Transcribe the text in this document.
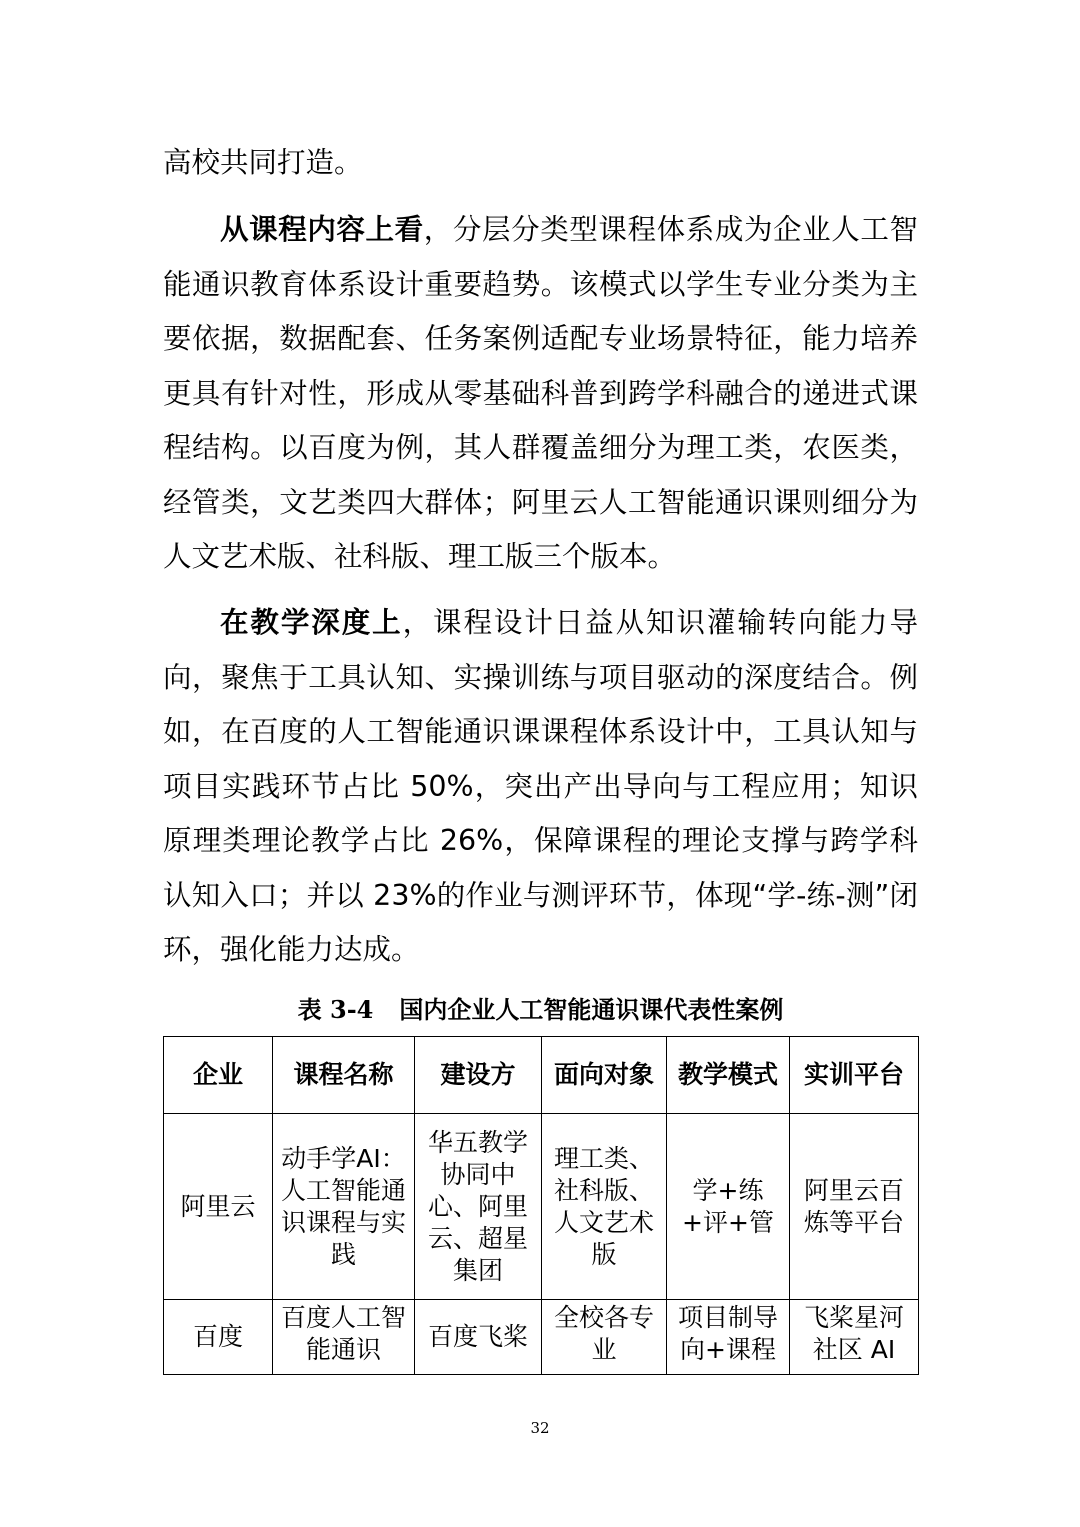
高校共同打造。

从课程内容上看，分层分类型课程体系成为企业人工智能通识教育体系设计重要趋势。该模式以学生专业分类为主要依据，数据配套、任务案例适配专业场景特征，能力培养更具有针对性，形成从零基础科普到跨学科融合的递进式课程结构。以百度为例，其人群覆盖细分为理工类，农医类，经管类，文艺类四大群体；阿里云人工智能通识课则细分为人文艺术版、社科版、理工版三个版本。

在教学深度上，课程设计日益从知识灌输转向能力导向，聚焦于工具认知、实操训练与项目驱动的深度结合。例如，在百度的人工智能通识课课程体系设计中，工具认知与项目实践环节占比 50%，突出产出导向与工程应用；知识原理类理论教学占比 26%，保障课程的理论支撑与跨学科认知入口；并以 23%的作业与测评环节，体现“学-练-测”闭环，强化能力达成。

表 3-4 国内企业人工智能通识课代表性案例

企业	课程名称	建设方	面向对象	教学模式	实训平台
阿里云	动手学AI：人工智能通识课程与实践	华五教学协同中心、阿里云、超星集团	理工类、社科版、人文艺术版	学+练+评+管	阿里云百炼等平台
百度	百度人工智能通识	百度飞桨	全校各专业	项目制导向+课程	飞桨星河社区 AI
32
